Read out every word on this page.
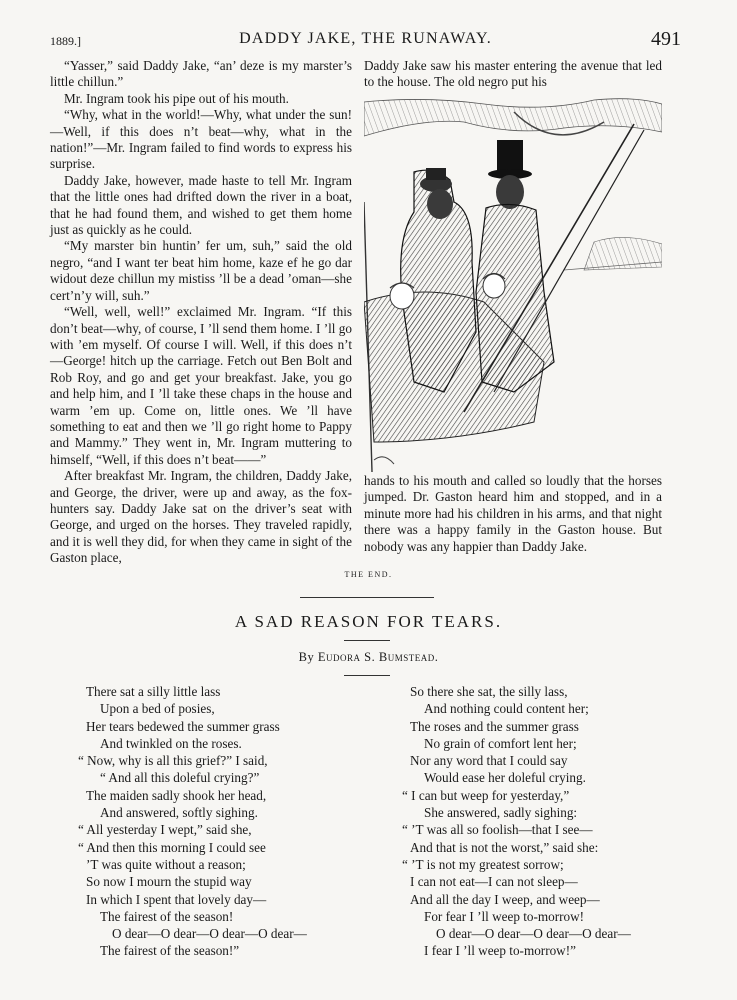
1889.]	DADDY JAKE, THE RUNAWAY.	491

“Yasser,” said Daddy Jake, “an’ deze is my marster’s little chillun.”

Mr. Ingram took his pipe out of his mouth.

“Why, what in the world!—Why, what under the sun!—Well, if this does n’t beat—why, what in the nation!”—Mr. Ingram failed to find words to express his surprise.

Daddy Jake, however, made haste to tell Mr. Ingram that the little ones had drifted down the river in a boat, that he had found them, and wished to get them home just as quickly as he could.

“My marster bin huntin’ fer um, suh,” said the old negro, “and I want ter beat him home, kaze ef he go dar widout deze chillun my mistiss ’ll be a dead ’oman—she cert’n’y will, suh.”

“Well, well, well!” exclaimed Mr. Ingram. “If this don’t beat—why, of course, I ’ll send them home. I ’ll go with ’em myself. Of course I will. Well, if this does n’t—George! hitch up the carriage. Fetch out Ben Bolt and Rob Roy, and go and get your breakfast. Jake, you go and help him, and I ’ll take these chaps in the house and warm ’em up. Come on, little ones. We ’ll have something to eat and then we ’ll go right home to Pappy and Mammy.” They went in, Mr. Ingram muttering to himself, “Well, if this does n’t beat——”

After breakfast Mr. Ingram, the children, Daddy Jake, and George, the driver, were up and away, as the fox-hunters say. Daddy Jake sat on the driver’s seat with George, and urged on the horses. They traveled rapidly, and it is well they did, for when they came in sight of the Gaston place,

Daddy Jake saw his master entering the avenue that led to the house. The old negro put his

hands to his mouth and called so loudly that the horses jumped. Dr. Gaston heard him and stopped, and in a minute more had his children in his arms, and that night there was a happy family in the Gaston house. But nobody was any happier than Daddy Jake.

THE END.
A SAD REASON FOR TEARS.
By Eudora S. Bumstead.
There sat a silly little lass
Upon a bed of posies,
Her tears bedewed the summer grass
And twinkled on the roses.
“ Now, why is all this grief?” I said,
“ And all this doleful crying?”
The maiden sadly shook her head,
And answered, softly sighing.
“ All yesterday I wept,” said she,
“ And then this morning I could see
’T was quite without a reason;
So now I mourn the stupid way
In which I spent that lovely day—
The fairest of the season!
O dear—O dear—O dear—O dear—
The fairest of the season!”
So there she sat, the silly lass,
And nothing could content her;
The roses and the summer grass
No grain of comfort lent her;
Nor any word that I could say
Would ease her doleful crying.
“ I can but weep for yesterday,”
She answered, sadly sighing:
“ ’T was all so foolish—that I see—
And that is not the worst,” said she:
“ ’T is not my greatest sorrow;
I can not eat—I can not sleep—
And all the day I weep, and weep—
For fear I ’ll weep to-morrow!
O dear—O dear—O dear—O dear—
I fear I ’ll weep to-morrow!”
